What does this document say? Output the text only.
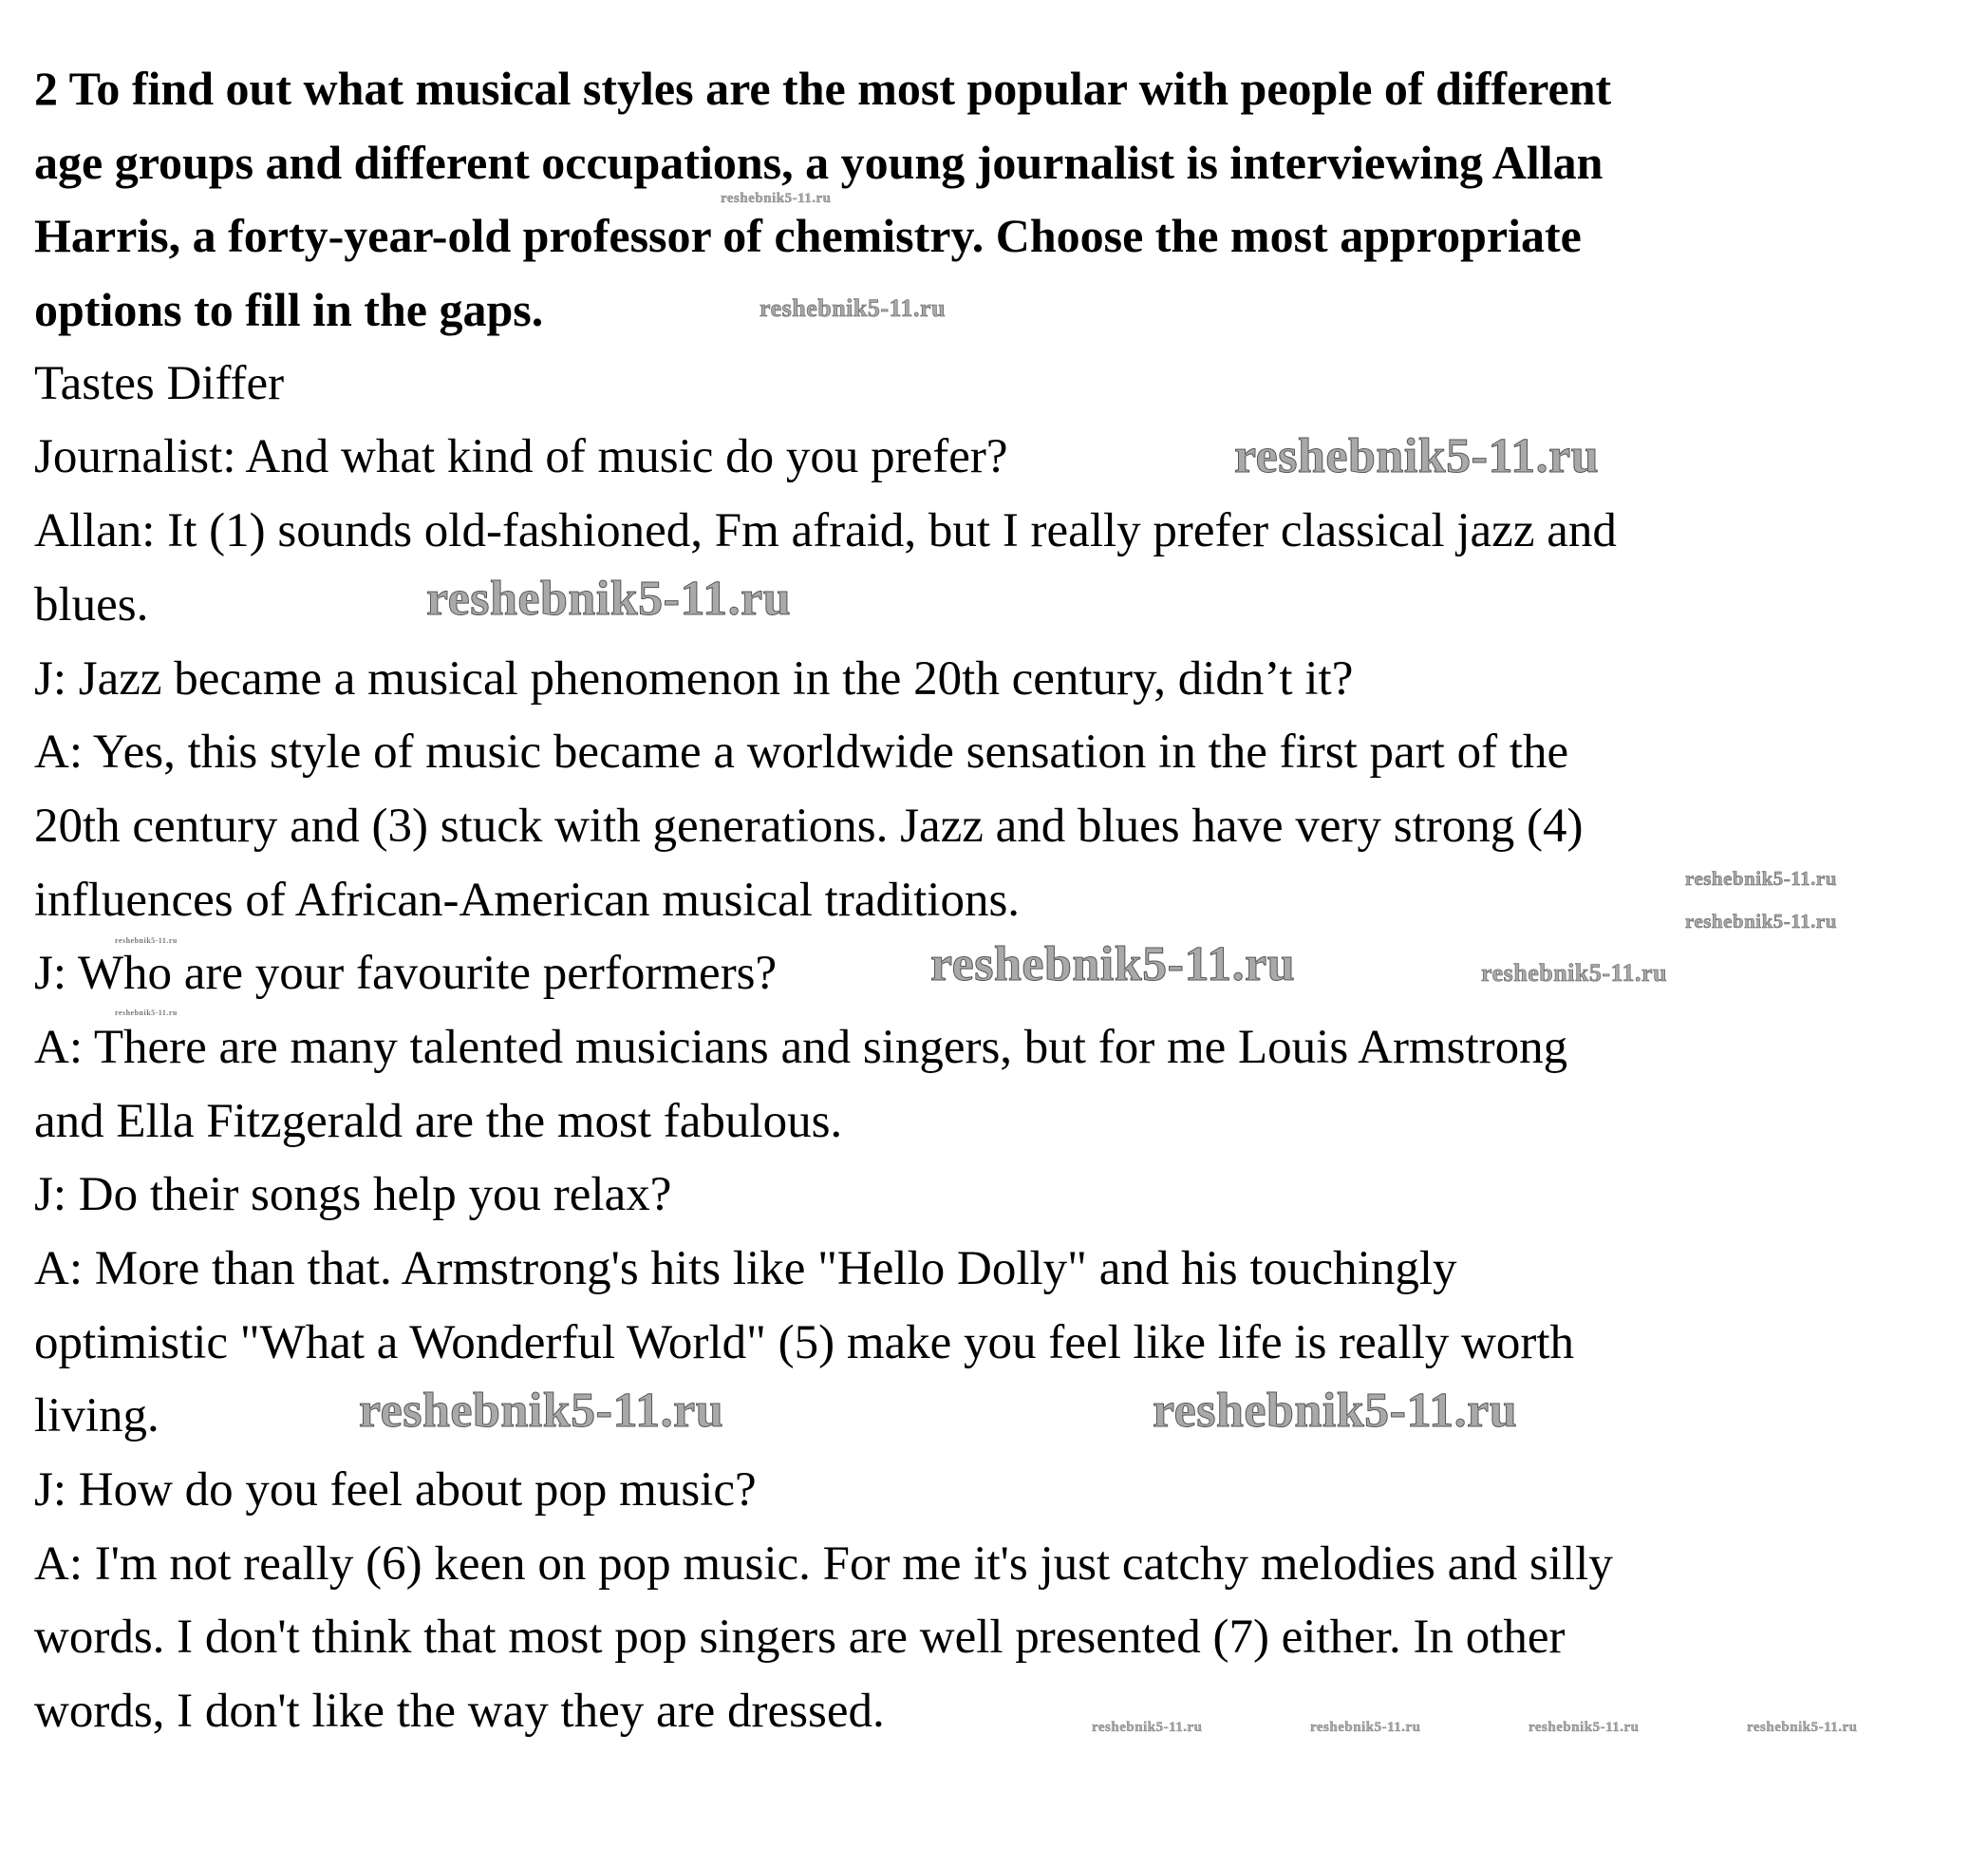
2 To find out what musical styles are the most popular with people of different
age groups and different occupations, a young journalist is interviewing Allan
Harris, a forty-year-old professor of chemistry. Choose the most appropriate
options to fill in the gaps.
Tastes Differ
Journalist: And what kind of music do you prefer?
Allan: It (1) sounds old-fashioned, Fm afraid, but I really prefer classical jazz and
blues.
J: Jazz became a musical phenomenon in the 20th century, didn’t it?
A: Yes, this style of music became a worldwide sensation in the first part of the
20th century and (3) stuck with generations. Jazz and blues have very strong (4)
influences of African-American musical traditions.
J: Who are your favourite performers?
A: There are many talented musicians and singers, but for me Louis Armstrong
and Ella Fitzgerald are the most fabulous.
J: Do their songs help you relax?
A: More than that. Armstrong's hits like "Hello Dolly" and his touchingly
optimistic "What a Wonderful World" (5) make you feel like life is really worth
living.
J: How do you feel about pop music?
A: I'm not really (6) keen on pop music. For me it's just catchy melodies and silly
words. I don't think that most pop singers are well presented (7) either. In other
words, I don't like the way they are dressed.
reshebnik5-11.ru
reshebnik5-11.ru
reshebnik5-11.ru
reshebnik5-11.ru	reshebnik5-11.ru
reshebnik5-11.ru
reshebnik5-11.ru
reshebnik5-11.ru
reshebnik5-11.ru
reshebnik5-11.ru
reshebnik5-11.ru	reshebnik5-11.ru	reshebnik5-11.ru	reshebnik5-11.ru
reshebnik5-11.ru
reshebnik5-11.ru
